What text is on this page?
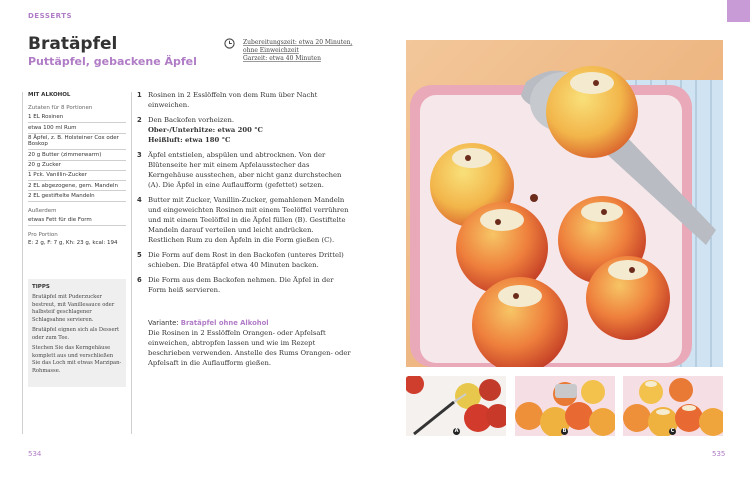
DESSERTS
Bratäpfel
Puttäpfel, gebackene Äpfel
Zubereitungszeit: etwa 20 Minuten,
ohne Einweichzeit
Garzeit: etwa 40 Minuten
MIT ALKOHOL
Zutaten für 8 Portionen
1 EL Rosinen
etwa 100 ml Rum
8 Äpfel, z. B. Holsteiner Cox oder Boskop
20 g Butter (zimmerwarm)
20 g Zucker
1 Pck. Vanillin-Zucker
2 EL abgezogene, gem. Mandeln
2 EL gestiftelte Mandeln
Außerdem
etwas Fett für die Form
Pro Portion
E: 2 g, F: 7 g, Kh: 23 g, kcal: 194
TIPPS
Bratäpfel mit Puderzucker bestreut, mit Vanillesauce oder halbsteif geschlagener Schlagsahne servieren.
Bratäpfel eignen sich als Dessert oder zum Tee.
Stechen Sie das Kerngehäuse komplett aus und verschließen Sie das Loch mit etwas Marzipan-Rohmasse.
1 Rosinen in 2 Esslöffeln von dem Rum über Nacht einweichen.
2 Den Backofen vorheizen.
Ober-/Unterhitze: etwa 200 °C
Heißluft: etwa 180 °C
3 Äpfel entstielen, abspülen und abtrocknen. Von der Blütenseite her mit einem Apfelausstecher das Kerngehäuse ausstechen, aber nicht ganz durchstechen (A). Die Äpfel in eine Auflaufform (gefettet) setzen.
4 Butter mit Zucker, Vanillin-Zucker, gemahlenen Mandeln und eingeweichten Rosinen mit einem Teelöffel verrühren und mit einem Teelöffel in die Äpfel füllen (B). Gestiftelte Mandeln darauf verteilen und leicht andrücken. Restlichen Rum zu den Äpfeln in die Form gießen (C).
5 Die Form auf dem Rost in den Backofen (unteres Drittel) schieben. Die Bratäpfel etwa 40 Minuten backen.
6 Die Form aus dem Backofen nehmen. Die Äpfel in der Form heiß servieren.
Variante: Bratäpfel ohne Alkohol
Die Rosinen in 2 Esslöffeln Orangen- oder Apfelsaft einweichen, abtropfen lassen und wie im Rezept beschrieben verwenden. Anstelle des Rums Orangen- oder Apfelsaft in die Auflaufform gießen.
534	535
A	B	C
